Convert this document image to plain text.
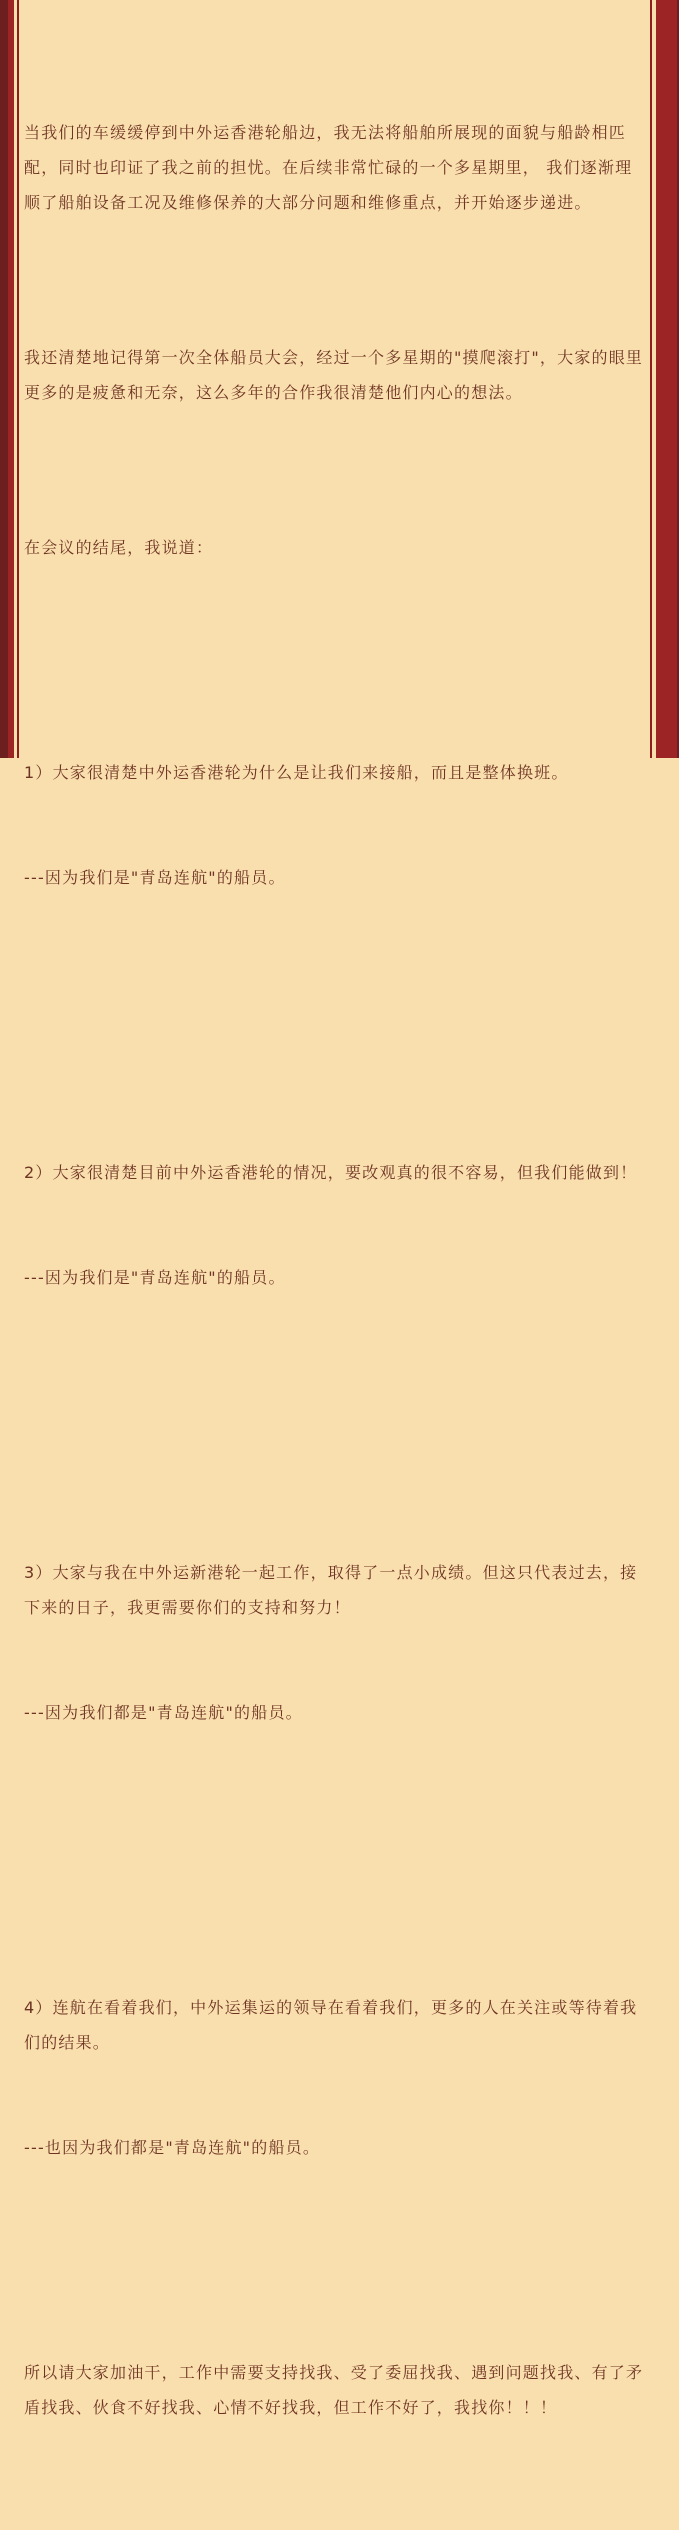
当我们的车缓缓停到中外运香港轮船边，我无法将船舶所展现的面貌与船龄相匹配，同时也印证了我之前的担忧。在后续非常忙碌的一个多星期里， 我们逐渐理顺了船舶设备工况及维修保养的大部分问题和维修重点，并开始逐步递进。

我还清楚地记得第一次全体船员大会，经过一个多星期的"摸爬滚打"，大家的眼里更多的是疲惫和无奈，这么多年的合作我很清楚他们内心的想法。

在会议的结尾，我说道：

1）大家很清楚中外运香港轮为什么是让我们来接船，而且是整体换班。

---因为我们是"青岛连航"的船员。

2）大家很清楚目前中外运香港轮的情况，要改观真的很不容易，但我们能做到！

---因为我们是"青岛连航"的船员。

3）大家与我在中外运新港轮一起工作，取得了一点小成绩。但这只代表过去，接下来的日子，我更需要你们的支持和努力！

---因为我们都是"青岛连航"的船员。

4）连航在看着我们，中外运集运的领导在看着我们，更多的人在关注或等待着我们的结果。

---也因为我们都是"青岛连航"的船员。

所以请大家加油干，工作中需要支持找我、受了委屈找我、遇到问题找我、有了矛盾找我、伙食不好找我、心情不好找我，但工作不好了，我找你！！！
